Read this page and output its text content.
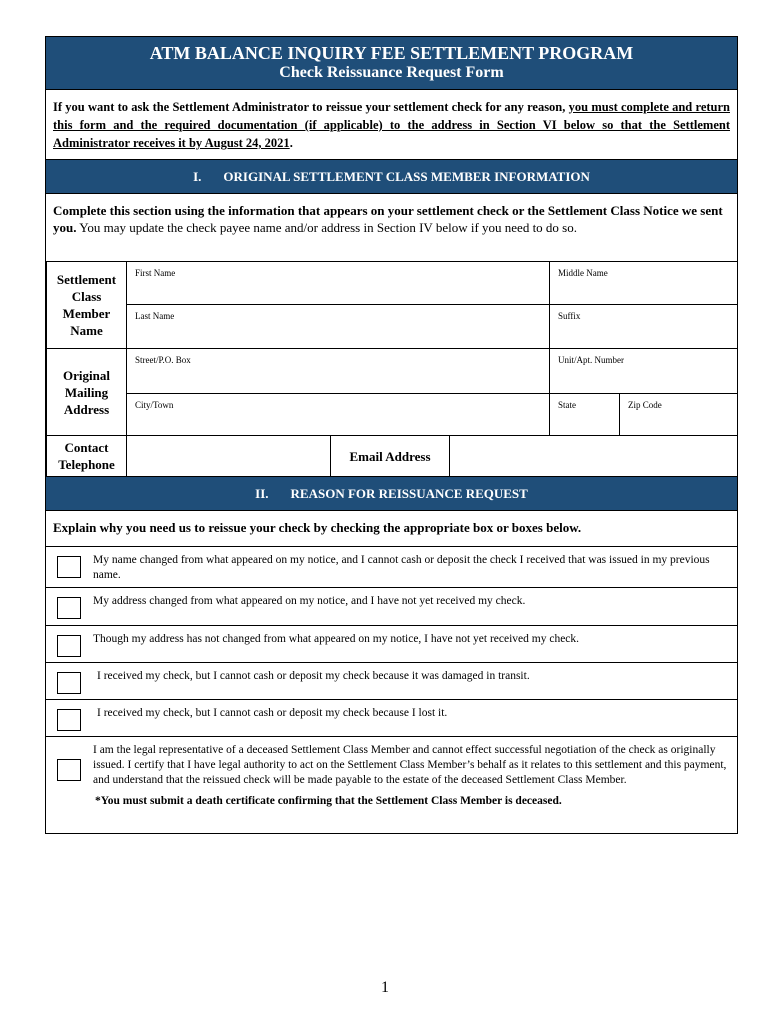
ATM BALANCE INQUIRY FEE SETTLEMENT PROGRAM
Check Reissuance Request Form
If you want to ask the Settlement Administrator to reissue your settlement check for any reason, you must complete and return this form and the required documentation (if applicable) to the address in Section VI below so that the Settlement Administrator receives it by August 24, 2021.
I. ORIGINAL SETTLEMENT CLASS MEMBER INFORMATION
Complete this section using the information that appears on your settlement check or the Settlement Class Notice we sent you. You may update the check payee name and/or address in Section IV below if you need to do so.
Settlement Class Member Name	First Name			Middle Name	
	Last Name			Suffix	
Original Mailing Address	Street/P.O. Box			Unit/Apt. Number	
	City/Town			State	Zip Code
Contact Telephone		Email Address			
II. REASON FOR REISSUANCE REQUEST
Explain why you need us to reissue your check by checking the appropriate box or boxes below.
My name changed from what appeared on my notice, and I cannot cash or deposit the check I received that was issued in my previous name.
My address changed from what appeared on my notice, and I have not yet received my check.
Though my address has not changed from what appeared on my notice, I have not yet received my check.
I received my check, but I cannot cash or deposit my check because it was damaged in transit.
I received my check, but I cannot cash or deposit my check because I lost it.
I am the legal representative of a deceased Settlement Class Member and cannot effect successful negotiation of the check as originally issued. I certify that I have legal authority to act on the Settlement Class Member’s behalf as it relates to this settlement and this payment, and understand that the reissued check will be made payable to the estate of the deceased Settlement Class Member.
*You must submit a death certificate confirming that the Settlement Class Member is deceased.
1
